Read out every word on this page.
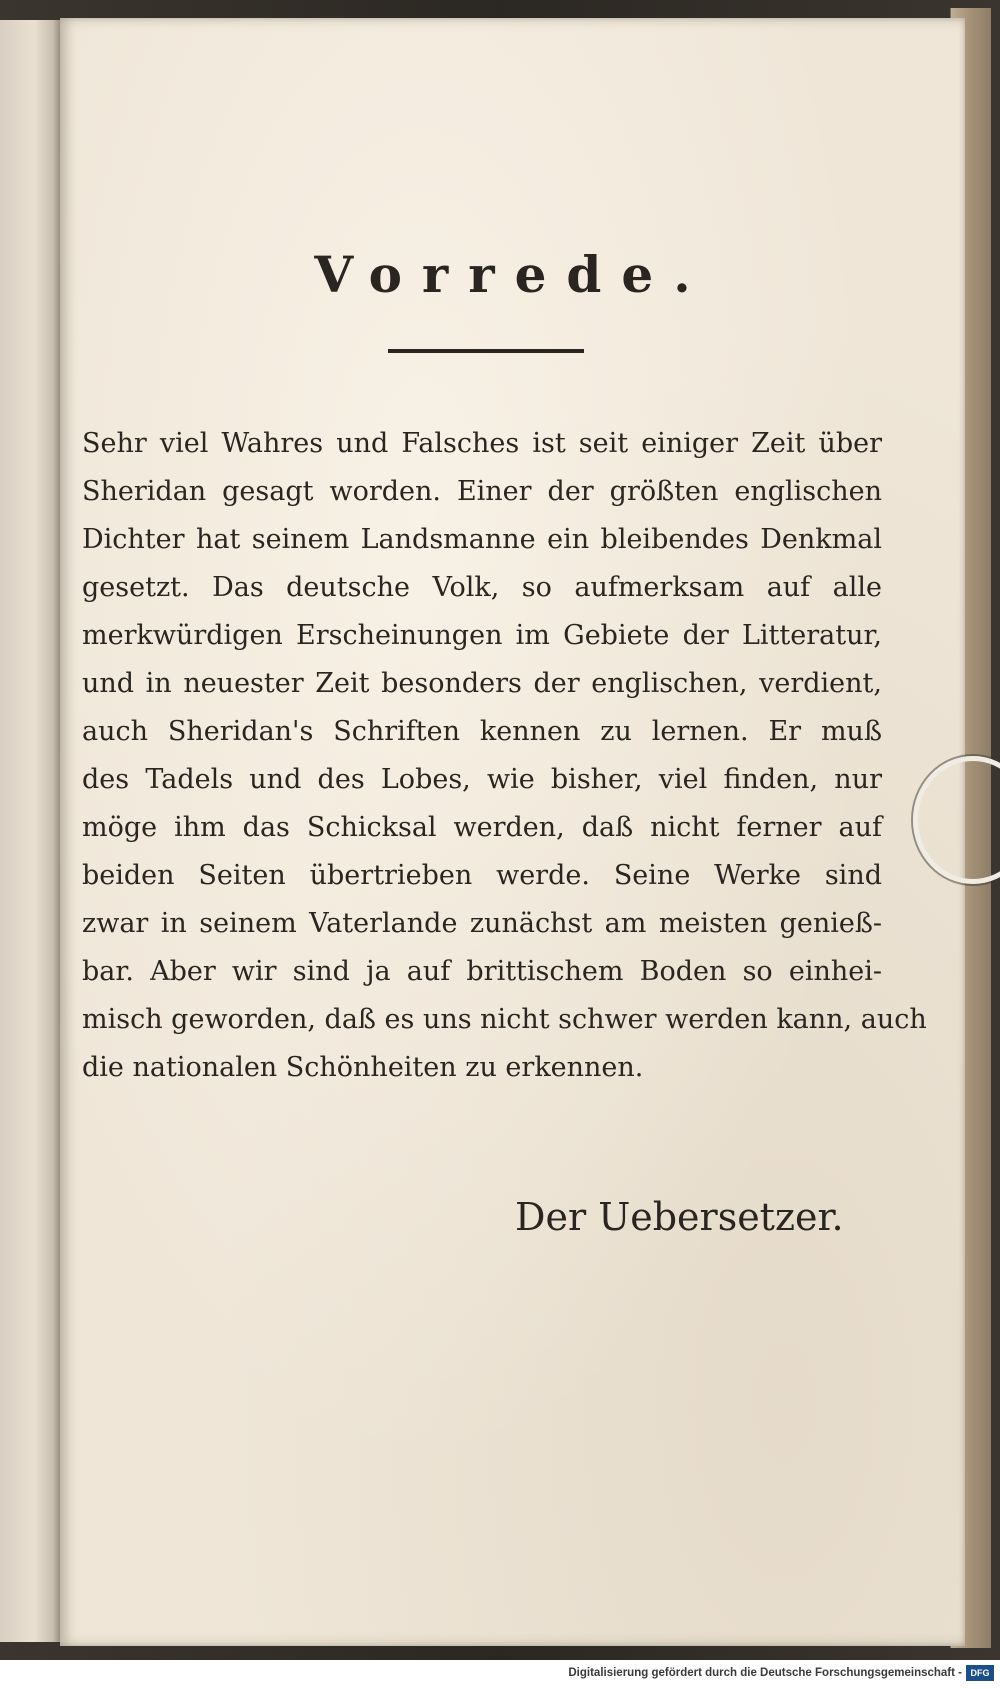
Vorrede.
Sehr viel Wahres und Falsches ist seit einiger Zeit über
Sheridan gesagt worden. Einer der größten englischen
Dichter hat seinem Landsmanne ein bleibendes Denkmal
gesetzt. Das deutsche Volk, so aufmerksam auf alle
merkwürdigen Erscheinungen im Gebiete der Litteratur,
und in neuester Zeit besonders der englischen, verdient,
auch Sheridan's Schriften kennen zu lernen. Er muß
des Tadels und des Lobes, wie bisher, viel finden, nur
möge ihm das Schicksal werden, daß nicht ferner auf
beiden Seiten übertrieben werde. Seine Werke sind
zwar in seinem Vaterlande zunächst am meisten genieß-
bar. Aber wir sind ja auf brittischem Boden so einhei-
misch geworden, daß es uns nicht schwer werden kann, auch
die nationalen Schönheiten zu erkennen.
Der Uebersetzer.
Digitalisierung gefördert durch die Deutsche Forschungsgemeinschaft - DFG
